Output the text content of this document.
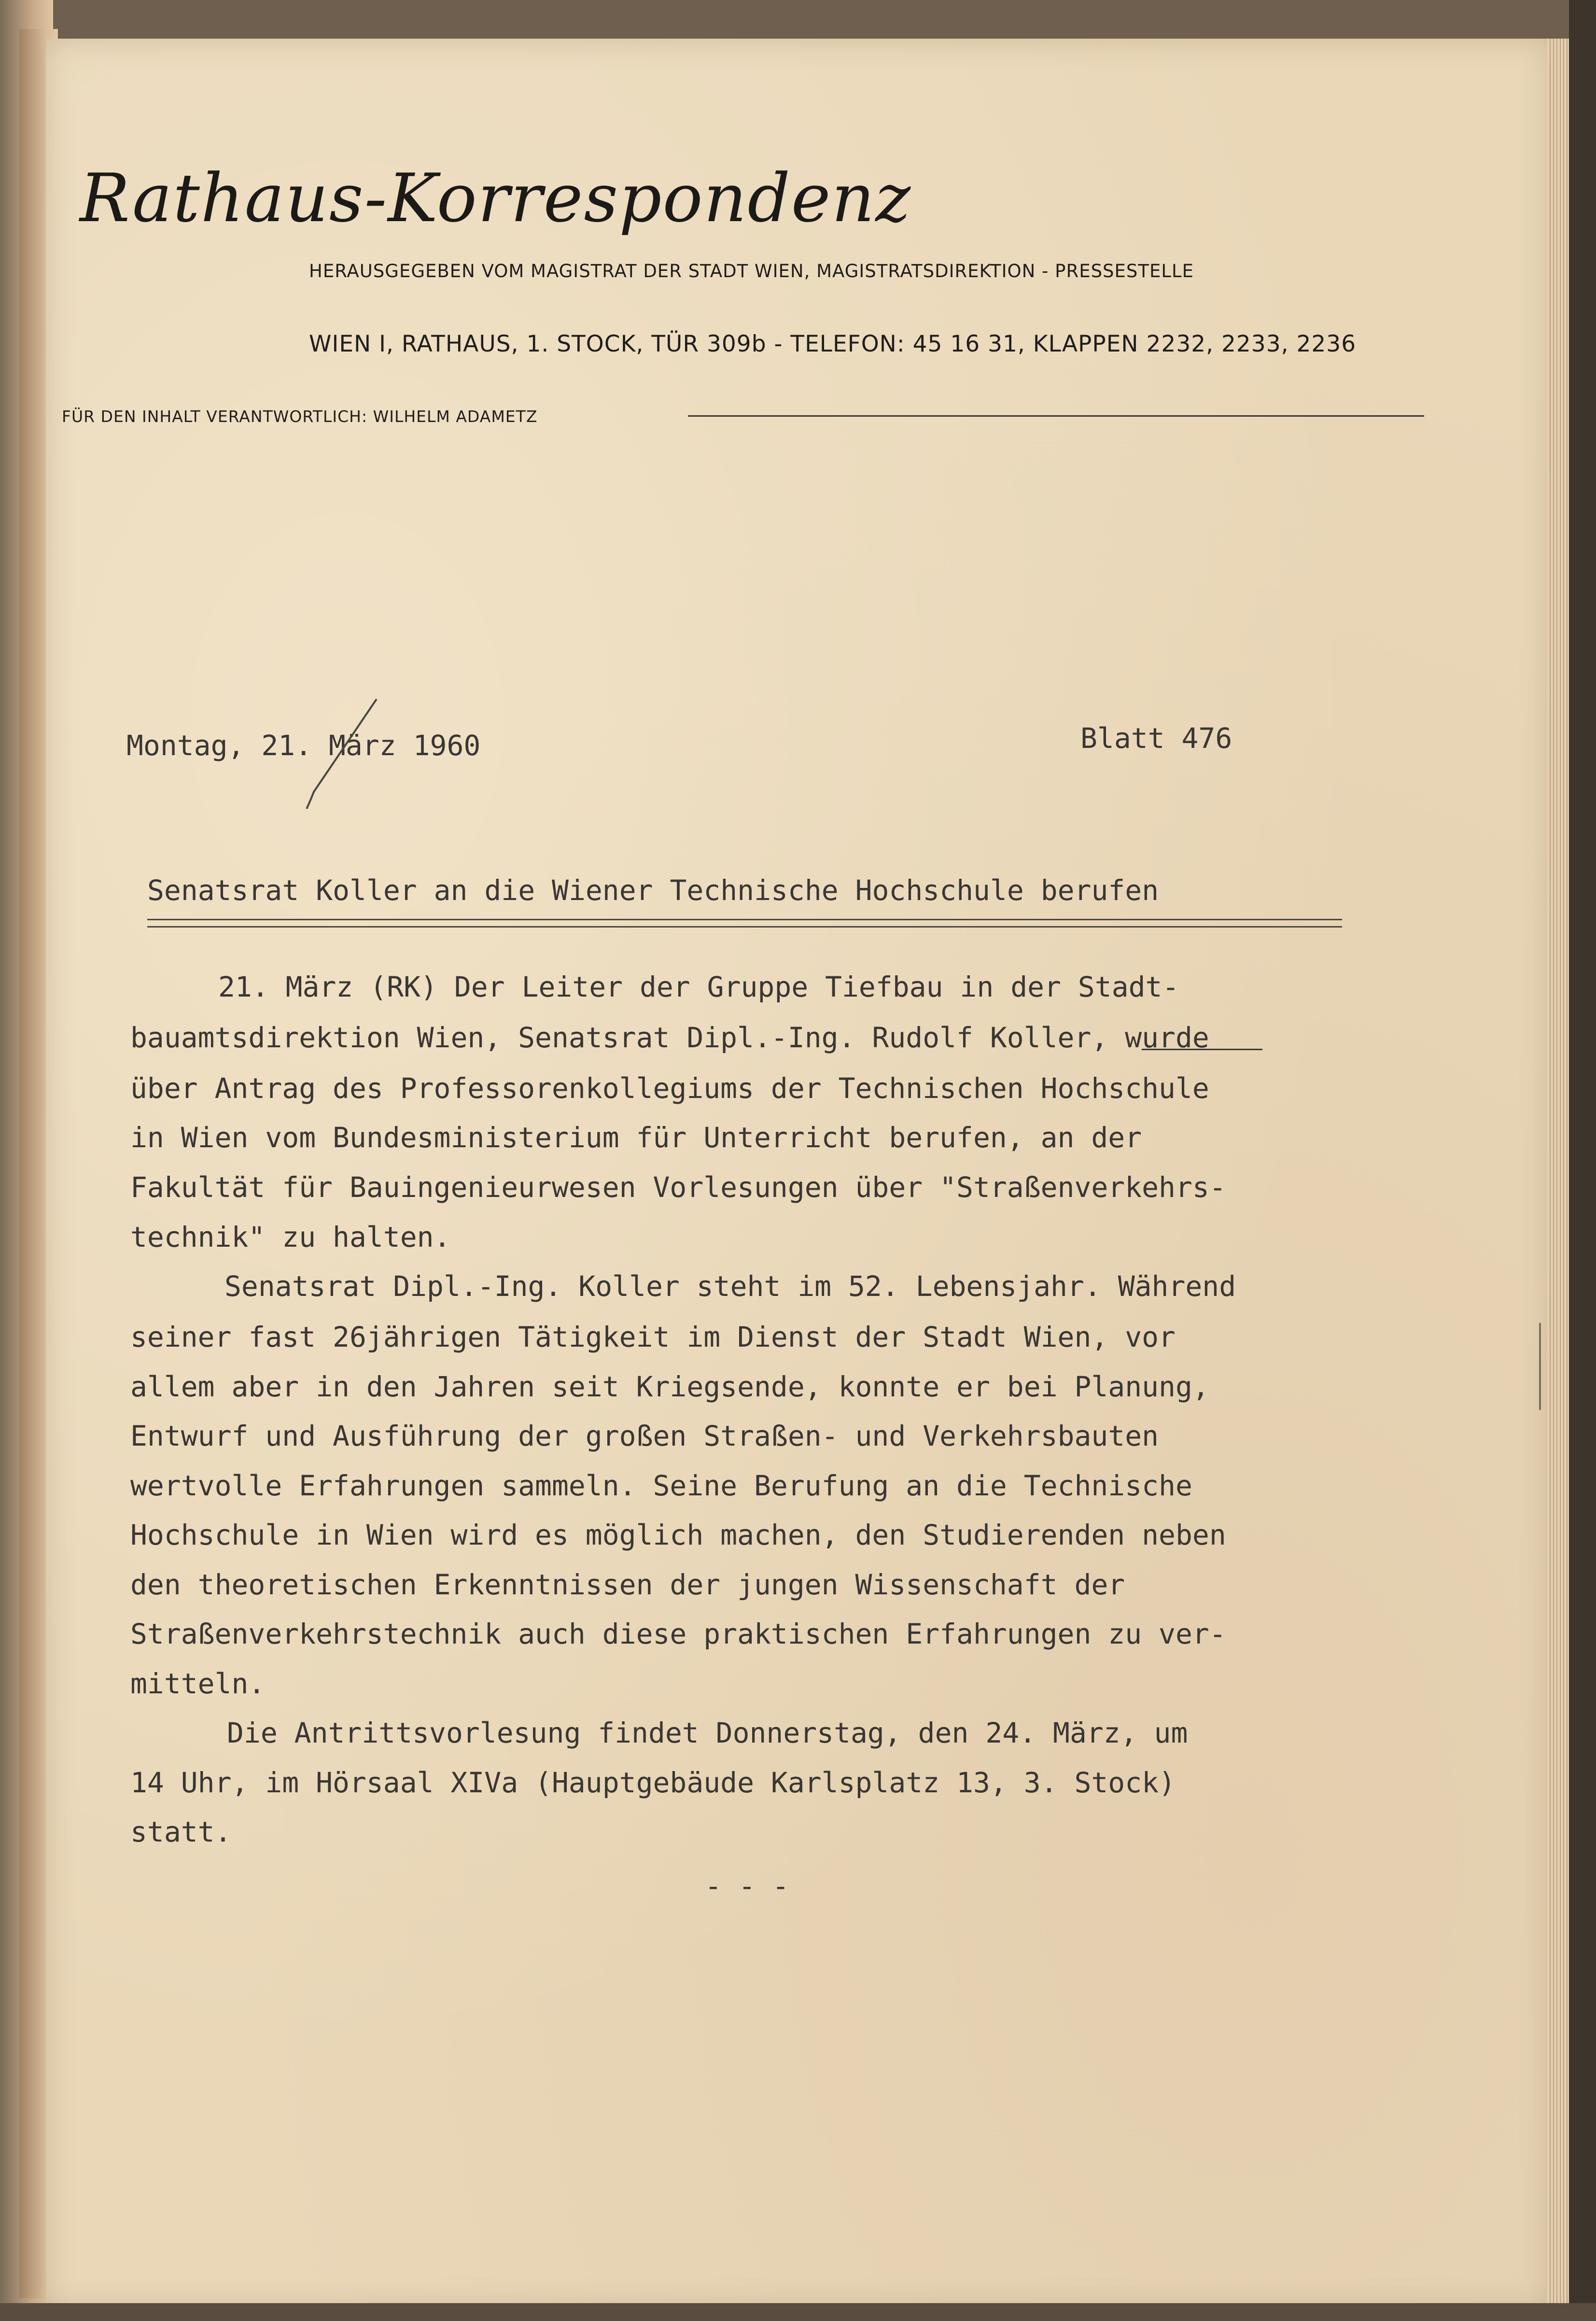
Rathaus-Korrespondenz
HERAUSGEGEBEN VOM MAGISTRAT DER STADT WIEN, MAGISTRATSDIREKTION - PRESSESTELLE
WIEN I, RATHAUS, 1. STOCK, TÜR 309b - TELEFON: 45 16 31, KLAPPEN 2232, 2233, 2236
FÜR DEN INHALT VERANTWORTLICH: WILHELM ADAMETZ
Montag, 21. März 1960	Blatt 476
Senatsrat Koller an die Wiener Technische Hochschule berufen
21. März (RK) Der Leiter der Gruppe Tiefbau in der Stadt-
bauamtsdirektion Wien, Senatsrat Dipl.-Ing. Rudolf Koller, wurde
über Antrag des Professorenkollegiums der Technischen Hochschule
in Wien vom Bundesministerium für Unterricht berufen, an der
Fakultät für Bauingenieurwesen Vorlesungen über "Straßenverkehrs-
technik" zu halten.
Senatsrat Dipl.-Ing. Koller steht im 52. Lebensjahr. Während
seiner fast 26jährigen Tätigkeit im Dienst der Stadt Wien, vor
allem aber in den Jahren seit Kriegsende, konnte er bei Planung,
Entwurf und Ausführung der großen Straßen- und Verkehrsbauten
wertvolle Erfahrungen sammeln. Seine Berufung an die Technische
Hochschule in Wien wird es möglich machen, den Studierenden neben
den theoretischen Erkenntnissen der jungen Wissenschaft der
Straßenverkehrstechnik auch diese praktischen Erfahrungen zu ver-
mitteln.
Die Antrittsvorlesung findet Donnerstag, den 24. März, um
14 Uhr, im Hörsaal XIVa (Hauptgebäude Karlsplatz 13, 3. Stock)
statt.
- - -
